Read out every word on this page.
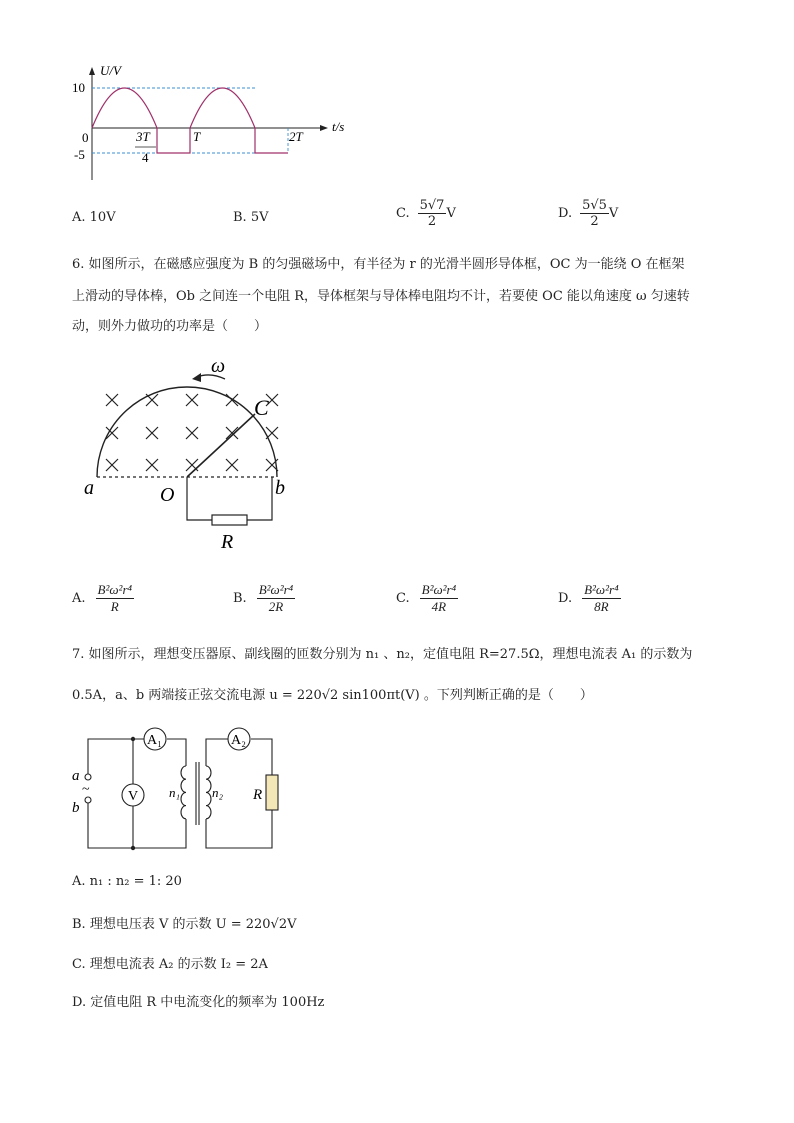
U/V
t/s
10
0
-5
3T
4
T	2T
A. 10V	B. 5V	C. $\frac{5√7}{2}$ V	D. $\frac{5√5}{2}$ V
6. 如图所示，在磁感应强度为 B 的匀强磁场中，有半径为 r 的光滑半圆形导体框，OC 为一能绕 O 在框架
上滑动的导体棒，Ob 之间连一个电阻 R，导体框架与导体棒电阻均不计，若要使 OC 能以角速度 ω 匀速转
动，则外力做功的功率是（　　）
ω
C
a	O	b
R
A. $\frac{\text{B²ω²r⁴}}{R}$	B. $\frac{\text{B²ω²r⁴}}{2R}$	C. $\frac{\text{B²ω²r⁴}}{4R}$	D. $\frac{\text{B²ω²r⁴}}{8R}$
7. 如图所示，理想变压器原、副线圈的匝数分别为 n₁ 、n₂，定值电阻 R=27.5Ω，理想电流表 A₁ 的示数为
0.5A，a、b 两端接正弦交流电源 u = 220√2 sin100πt(V) 。下列判断正确的是（　　）
A₁	A₂
V
a
~
b
n₁ n₂ R
A. n₁ : n₂ = 1: 20
B. 理想电压表 V 的示数 U = 220√2V
C. 理想电流表 A₂ 的示数 I₂ = 2A
D. 定值电阻 R 中电流变化的频率为 100Hz
